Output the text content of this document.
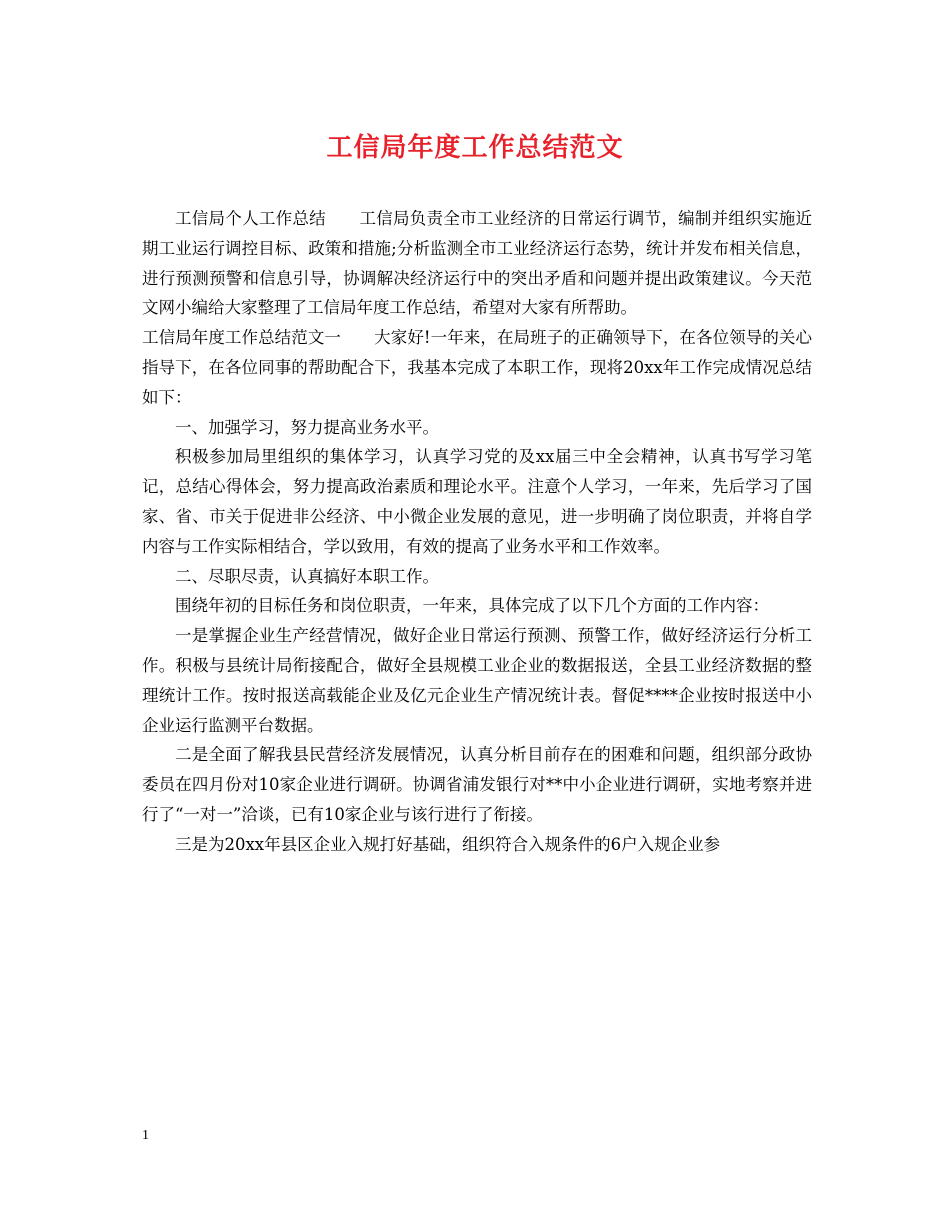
工信局年度工作总结范文

工信局个人工作总结　　工信局负责全市工业经济的日常运行调节，编制并组织实施近期工业运行调控目标、政策和措施;分析监测全市工业经济运行态势，统计并发布相关信息，进行预测预警和信息引导，协调解决经济运行中的突出矛盾和问题并提出政策建议。今天范文网小编给大家整理了工信局年度工作总结，希望对大家有所帮助。

工信局年度工作总结范文一　　大家好!一年来，在局班子的正确领导下，在各位领导的关心指导下，在各位同事的帮助配合下，我基本完成了本职工作，现将20xx年工作完成情况总结如下：

一、加强学习，努力提高业务水平。

积极参加局里组织的集体学习，认真学习党的及xx届三中全会精神，认真书写学习笔记，总结心得体会，努力提高政治素质和理论水平。注意个人学习，一年来，先后学习了国家、省、市关于促进非公经济、中小微企业发展的意见，进一步明确了岗位职责，并将自学内容与工作实际相结合，学以致用，有效的提高了业务水平和工作效率。

二、尽职尽责，认真搞好本职工作。

围绕年初的目标任务和岗位职责，一年来，具体完成了以下几个方面的工作内容：

一是掌握企业生产经营情况，做好企业日常运行预测、预警工作，做好经济运行分析工作。积极与县统计局衔接配合，做好全县规模工业企业的数据报送，全县工业经济数据的整理统计工作。按时报送高载能企业及亿元企业生产情况统计表。督促****企业按时报送中小企业运行监测平台数据。

二是全面了解我县民营经济发展情况，认真分析目前存在的困难和问题，组织部分政协委员在四月份对10家企业进行调研。协调省浦发银行对**中小企业进行调研，实地考察并进行了“一对一”洽谈，已有10家企业与该行进行了衔接。

三是为20xx年县区企业入规打好基础，组织符合入规条件的6户入规企业参

1
